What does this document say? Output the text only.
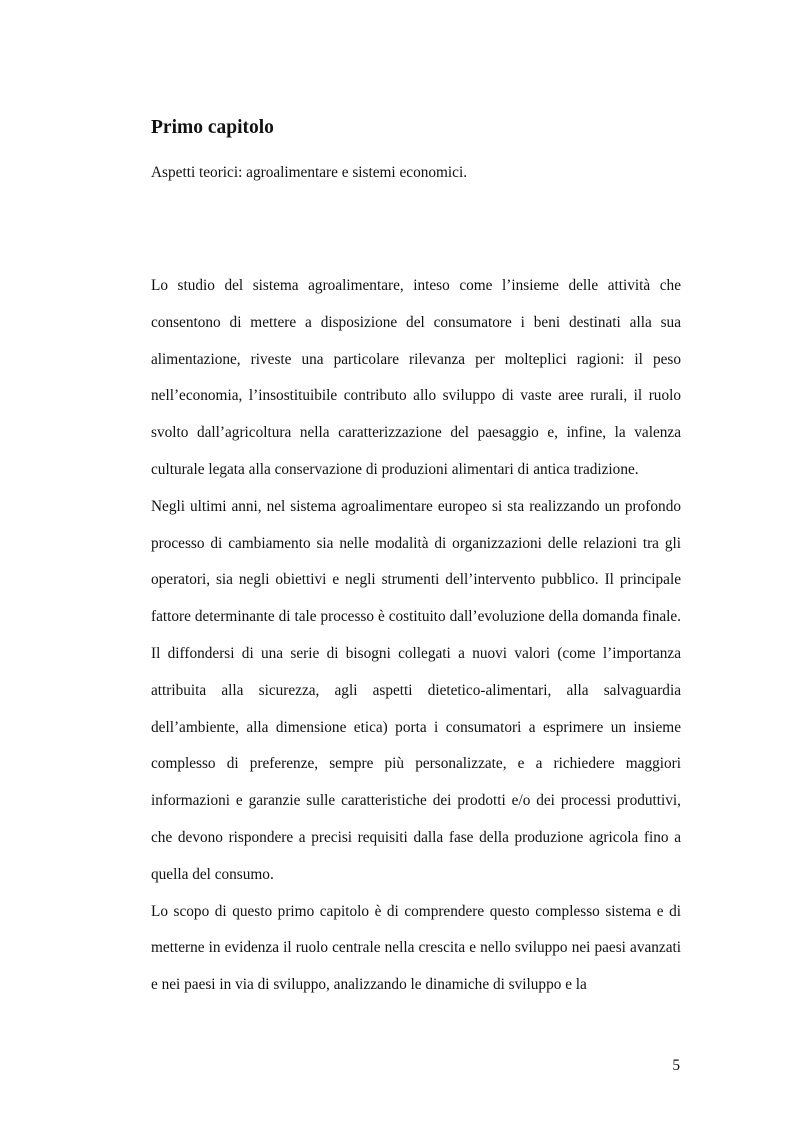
Primo capitolo

Aspetti teorici: agroalimentare e sistemi economici.

Lo studio del sistema agroalimentare, inteso come l’insieme delle attività che consentono di mettere a disposizione del consumatore i beni destinati alla sua alimentazione, riveste una particolare rilevanza per molteplici ragioni: il peso nell’economia, l’insostituibile contributo allo sviluppo di vaste aree rurali, il ruolo svolto dall’agricoltura nella caratterizzazione del paesaggio e, infine, la valenza culturale legata alla conservazione di produzioni alimentari di antica tradizione.

Negli ultimi anni, nel sistema agroalimentare europeo si sta realizzando un profondo processo di cambiamento sia nelle modalità di organizzazioni delle relazioni tra gli operatori, sia negli obiettivi e negli strumenti dell’intervento pubblico. Il principale fattore determinante di tale processo è costituito dall’evoluzione della domanda finale. Il diffondersi di una serie di bisogni collegati a nuovi valori (come l’importanza attribuita alla sicurezza, agli aspetti dietetico-alimentari, alla salvaguardia dell’ambiente, alla dimensione etica) porta i consumatori a esprimere un insieme complesso di preferenze, sempre più personalizzate, e a richiedere maggiori informazioni e garanzie sulle caratteristiche dei prodotti e/o dei processi produttivi, che devono rispondere a precisi requisiti dalla fase della produzione agricola fino a quella del consumo.

Lo scopo di questo primo capitolo è di comprendere questo complesso sistema e di metterne in evidenza il ruolo centrale nella crescita e nello sviluppo nei paesi avanzati e nei paesi in via di sviluppo, analizzando le dinamiche di sviluppo e la

5
